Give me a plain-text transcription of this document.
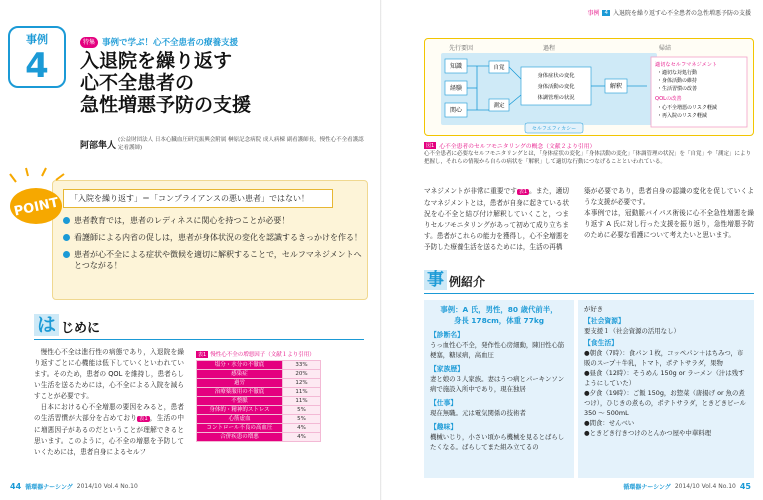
事例
4
特集 事例で学ぶ！心不全患者の療養支援
入退院を繰り返す
心不全患者の
急性増悪予防の支援
阿部隼人
(公益財団法人 日本心臓血圧研究振興会附属 榊原記念病院 成人病棟 副看護師長，慢性心不全看護認定看護師)
「入院を繰り返す」＝「コンプライアンスの悪い患者」ではない！
患者教育では，患者のレディネスに関心を持つことが必要！
看護師による内省の促しは，患者が身体状況の変化を認識するきっかけを作る！
患者が心不全による症状や徴候を適切に解釈することで，セルフマネジメントへとつながる！
POINT
は じめに

慢性心不全は進行性の病態であり，入退院を繰り返すごとに心機能は低下していくといわれています。そのため，患者の QOL を維持し，患者らしい生活を送るためには，心不全による入院を減らすことが必要です。

日本における心不全増悪の要因をみると，患者の生活習慣が大部分を占めており 表1 ，生活の中に増悪因子があるのだということが理解できると思います。このように，心不全の増悪を予防していくためには，患者自身によるセルフ

表1 慢性心不全の増悪因子（文献１より引用）
塩分・水分の不徹底	33%
感染症	20%
過労	12%
治療薬服用の不徹底	11%
不整脈	11%
身体的・精神的ストレス	5%
心筋虚血	5%
コントロール不良の高血圧	4%
合併疾患の増悪	4%
44 循環器ナーシング 2014/10 Vol.4 No.10
事例 4 入退院を繰り返す心不全患者の急性増悪予防の支援
先行要因	過程	帰結
知識
経験
関心
自覚
測定
身体症状の変化
身体活動の変化
体調管理の状況
解釈
適切なセルフマネジメント
・適切な対処行動
・身体活動の維持
・生活習慣の改善
QOLの改善
・心不全増悪のリスク軽減
・再入院のリスク軽減
セルフエフィカシー
図1 心不全患者のセルフモニタリングの概念（文献２より引用）
心不全患者に必要なセルフモニタリングとは，「身体症状の変化」「身体活動の変化」「体調管理の状況」を「自覚」や「測定」により把握し，それらの情報から自らの病状を「解釈」して適切な行動につなげることといわれている。
マネジメントが非常に重要です 表1 。また，適切なマネジメントとは，患者が自身に起きている状況を心不全と結び付け解釈していくこと，つまりセルフモニタリングがあって初めて成り立ちます。患者がこれらの能力を獲得し，心不全増悪を予防した療養生活を送るためには，生活の再構
築が必要であり，患者自身の認識の変化を促していくような支援が必要です。
本事例では，冠動脈バイパス術後に心不全急性増悪を繰り返す A 氏に対し行った支援を振り返り，急性増悪予防のために必要な看護について考えたいと思います。
事 例紹介
事例：A 氏，男性，80 歳代前半，
身長 178cm，体重 77kg
【診断名】
うっ血性心不全，発作性心房細動，陳旧性心筋梗塞，糖尿病，高血圧
【家族歴】
妻と娘の３人家族。妻はうつ病とパーキンソン病で施設入所中であり，現在独居
【仕事】
現在無職。元は電気関係の技術者
【趣味】
機械いじり，小さい頃から機械を見るとばらしたくなる。ばらしてまた組み立てるの
が好き
【社会資源】
要支援１（社会資源の活用なし）
【食生活】
●朝食（7時）：食パン１枚，コッペパン＋はちみつ，市販のスープ＋牛乳，トマト，ポテトサラダ，果物
●昼食（12時）：そうめん 150g or ラーメン（汁は残すようにしていた）
●夕食（19時）：ご飯 150g，お惣菜（唐揚げ or 魚の煮つけ），ひじきの煮もの，ポテトサラダ，ときどきビール 350 ～ 500mL
●間食：せんべい
●ときどき行きつけのとんかつ屋や中華料理
循環器ナーシング 2014/10 Vol.4 No.10 45
